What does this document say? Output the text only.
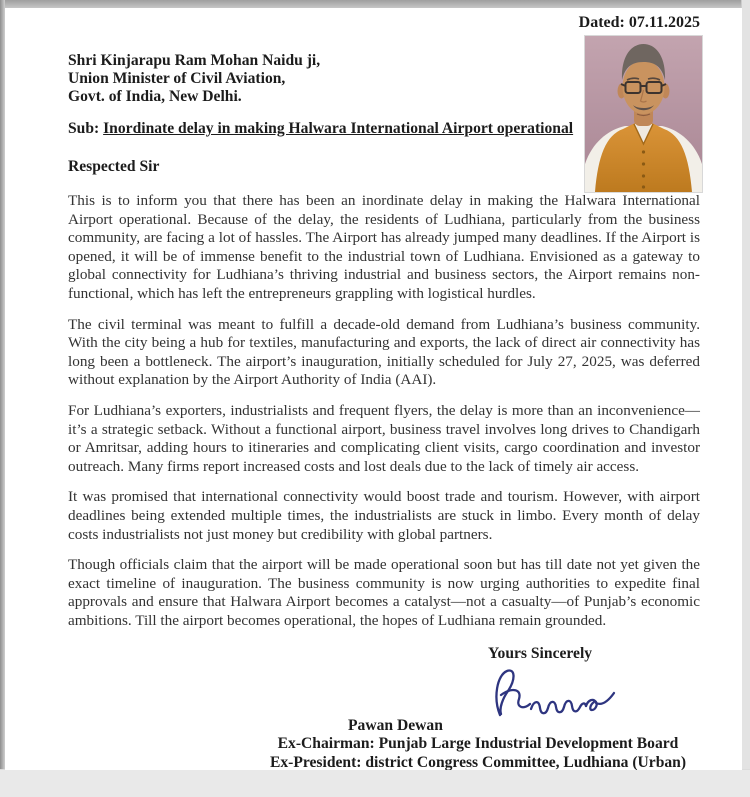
Dated: 07.11.2025
Shri Kinjarapu Ram Mohan Naidu ji,
Union Minister of Civil Aviation,
Govt. of India, New Delhi.
Sub: Inordinate delay in making Halwara International Airport operational
Respected Sir

This is to inform you that there has been an inordinate delay in making the Halwara International Airport operational. Because of the delay, the residents of Ludhiana, particularly from the business community, are facing a lot of hassles. The Airport has already jumped many deadlines. If the Airport is opened, it will be of immense benefit to the industrial town of Ludhiana. Envisioned as a gateway to global connectivity for Ludhiana’s thriving industrial and business sectors, the Airport remains non-functional, which has left the entrepreneurs grappling with logistical hurdles.

The civil terminal was meant to fulfill a decade-old demand from Ludhiana’s business community. With the city being a hub for textiles, manufacturing and exports, the lack of direct air connectivity has long been a bottleneck. The airport’s inauguration, initially scheduled for July 27, 2025, was deferred without explanation by the Airport Authority of India (AAI).

For Ludhiana’s exporters, industrialists and frequent flyers, the delay is more than an inconvenience—it’s a strategic setback. Without a functional airport, business travel involves long drives to Chandigarh or Amritsar, adding hours to itineraries and complicating client visits, cargo coordination and investor outreach. Many firms report increased costs and lost deals due to the lack of timely air access.

It was promised that international connectivity would boost trade and tourism. However, with airport deadlines being extended multiple times, the industrialists are stuck in limbo. Every month of delay costs industrialists not just money but credibility with global partners.

Though officials claim that the airport will be made operational soon but has till date not yet given the exact timeline of inauguration. The business community is now urging authorities to expedite final approvals and ensure that Halwara Airport becomes a catalyst—not a casualty—of Punjab’s economic ambitions. Till the airport becomes operational, the hopes of Ludhiana remain grounded.

Yours Sincerely
Pawan Dewan
Ex-Chairman: Punjab Large Industrial Development Board
Ex-President: district Congress Committee, Ludhiana (Urban)
